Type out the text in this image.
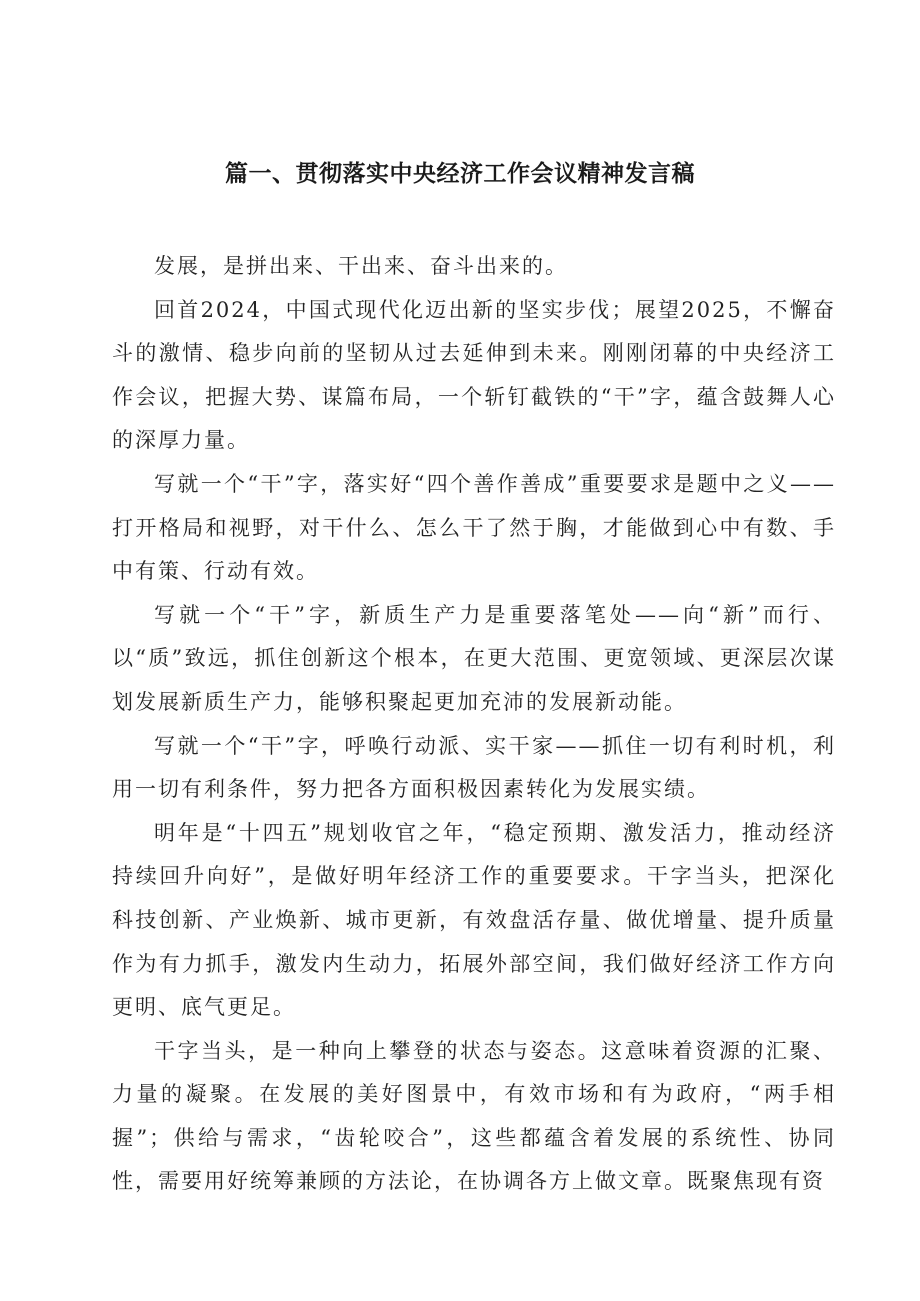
篇一、贯彻落实中央经济工作会议精神发言稿

发展，是拼出来、干出来、奋斗出来的。

回首2024，中国式现代化迈出新的坚实步伐；展望2025，不懈奋斗的激情、稳步向前的坚韧从过去延伸到未来。刚刚闭幕的中央经济工作会议，把握大势、谋篇布局，一个斩钉截铁的“干”字，蕴含鼓舞人心的深厚力量。

写就一个“干”字，落实好“四个善作善成”重要要求是题中之义——打开格局和视野，对干什么、怎么干了然于胸，才能做到心中有数、手中有策、行动有效。

写就一个“干”字，新质生产力是重要落笔处——向“新”而行、以“质”致远，抓住创新这个根本，在更大范围、更宽领域、更深层次谋划发展新质生产力，能够积聚起更加充沛的发展新动能。

写就一个“干”字，呼唤行动派、实干家——抓住一切有利时机，利用一切有利条件，努力把各方面积极因素转化为发展实绩。

明年是“十四五”规划收官之年，“稳定预期、激发活力，推动经济持续回升向好”，是做好明年经济工作的重要要求。干字当头，把深化科技创新、产业焕新、城市更新，有效盘活存量、做优增量、提升质量作为有力抓手，激发内生动力，拓展外部空间，我们做好经济工作方向更明、底气更足。

干字当头，是一种向上攀登的状态与姿态。这意味着资源的汇聚、力量的凝聚。在发展的美好图景中，有效市场和有为政府，“两手相握”；供给与需求，“齿轮咬合”，这些都蕴含着发展的系统性、协同性，需要用好统筹兼顾的方法论，在协调各方上做文章。既聚焦现有资
